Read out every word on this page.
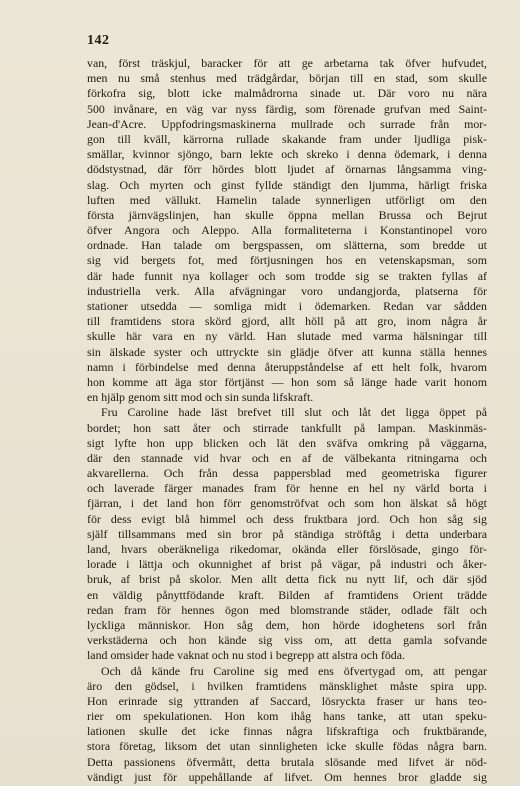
142
van, först träskjul, baracker för att ge arbetarna tak öfver hufvudet,
men nu små stenhus med trädgårdar, början till en stad, som skulle
förkofra sig, blott icke malmådrorna sinade ut. Där voro nu nära
500 invånare, en väg var nyss färdig, som förenade grufvan med Saint-
Jean-d'Acre. Uppfodringsmaskinerna mullrade och surrade från mor-
gon till kväll, kärrorna rullade skakande fram under ljudliga pisk-
smällar, kvinnor sjöngo, barn lekte och skreko i denna ödemark, i denna
dödstystnad, där förr hördes blott ljudet af örnarnas långsamma ving-
slag. Och myrten och ginst fyllde ständigt den ljumma, härligt friska
luften med vällukt. Hamelin talade synnerligen utförligt om den
första järnvägslinjen, han skulle öppna mellan Brussa och Bejrut
öfver Angora och Aleppo. Alla formaliteterna i Konstantinopel voro
ordnade. Han talade om bergspassen, om slätterna, som bredde ut
sig vid bergets fot, med förtjusningen hos en vetenskapsman, som
där hade funnit nya kollager och som trodde sig se trakten fyllas af
industriella verk. Alla afvägningar voro undangjorda, platserna för
stationer utsedda — somliga midt i ödemarken. Redan var sådden
till framtidens stora skörd gjord, allt höll på att gro, inom några år
skulle här vara en ny värld. Han slutade med varma hälsningar till
sin älskade syster och uttryckte sin glädje öfver att kunna ställa hennes
namn i förbindelse med denna återuppståndelse af ett helt folk, hvarom
hon komme att äga stor förtjänst — hon som så länge hade varit honom
en hjälp genom sitt mod och sin sunda lifskraft.
Fru Caroline hade läst brefvet till slut och låt det ligga öppet på
bordet; hon satt åter och stirrade tankfullt på lampan. Maskinmäs-
sigt lyfte hon upp blicken och lät den sväfva omkring på väggarna,
där den stannade vid hvar och en af de välbekanta ritningarna och
akvarellerna. Och från dessa pappersblad med geometriska figurer
och laverade färger manades fram för henne en hel ny värld borta i
fjärran, i det land hon förr genomströfvat och som hon älskat så högt
för dess evigt blå himmel och dess fruktbara jord. Och hon såg sig
själf tillsammans med sin bror på ständiga ströftåg i detta underbara
land, hvars oberäkneliga rikedomar, okända eller förslösade, gingo för-
lorade i lättja och okunnighet af brist på vägar, på industri och åker-
bruk, af brist på skolor. Men allt detta fick nu nytt lif, och där sjöd
en väldig pånyttfödande kraft. Bilden af framtidens Orient trädde
redan fram för hennes ögon med blomstrande städer, odlade fält och
lyckliga människor. Hon såg dem, hon hörde idoghetens sorl från
verkstäderna och hon kände sig viss om, att detta gamla sofvande
land omsider hade vaknat och nu stod i begrepp att alstra och föda.
Och då kände fru Caroline sig med ens öfvertygad om, att pengar
äro den gödsel, i hvilken framtidens mänsklighet måste spira upp.
Hon erinrade sig yttranden af Saccard, lösryckta fraser ur hans teo-
rier om spekulationen. Hon kom ihåg hans tanke, att utan speku-
lationen skulle det icke finnas några lifskraftiga och fruktbärande,
stora företag, liksom det utan sinnligheten icke skulle födas några barn.
Detta passionens öfvermått, detta brutala slösande med lifvet är nöd-
vändigt just för uppehållande af lifvet. Om hennes bror gladde sig
